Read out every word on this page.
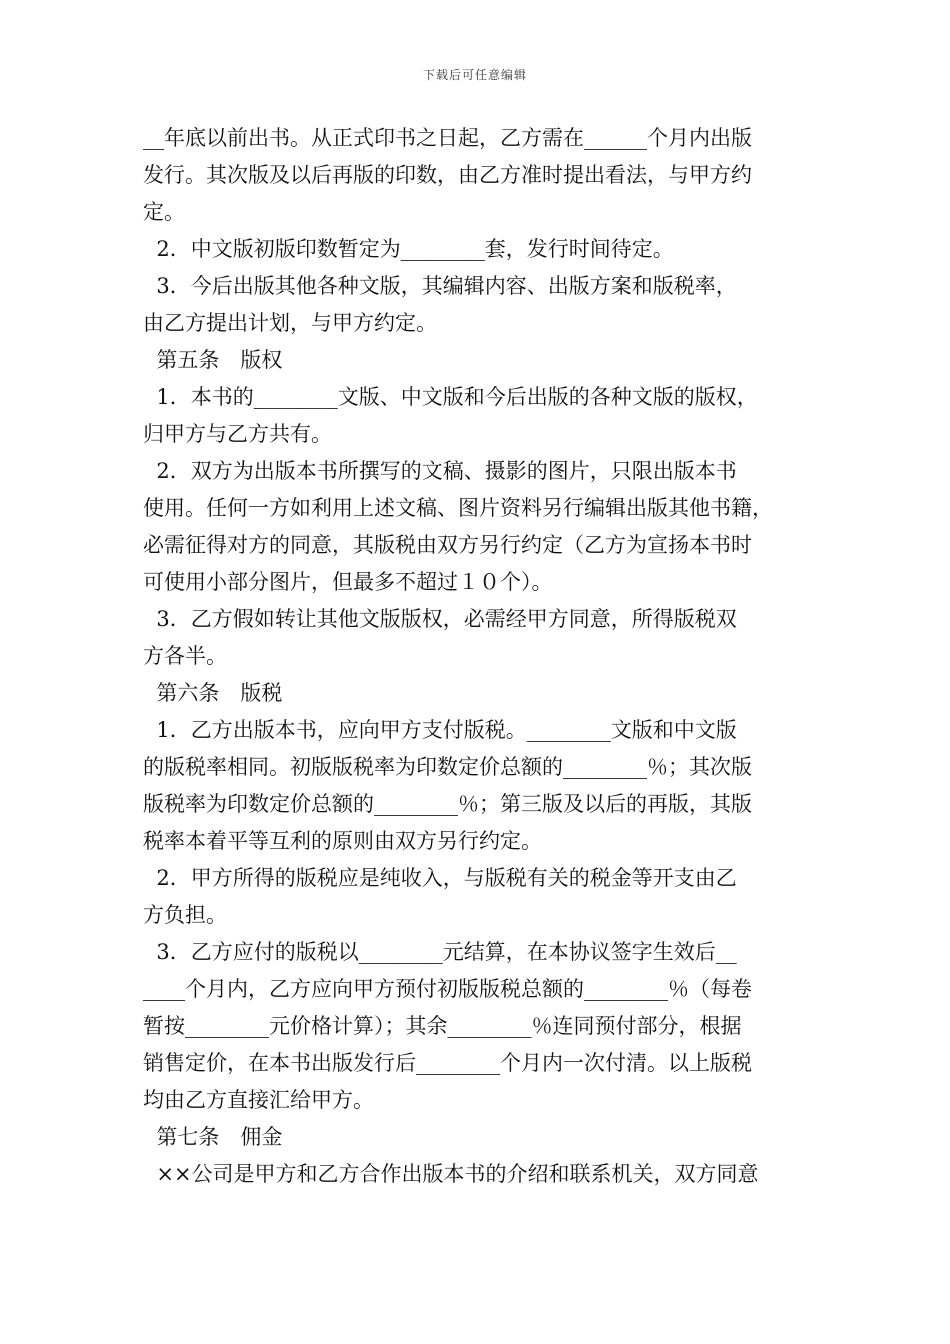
下载后可任意编辑
__年底以前出书。从正式印书之日起，乙方需在______个月内出版
发行。其次版及以后再版的印数，由乙方准时提出看法，与甲方约
定。
2．中文版初版印数暂定为________套，发行时间待定。
3．今后出版其他各种文版，其编辑内容、出版方案和版税率，
由乙方提出计划，与甲方约定。
第五条　版权
1．本书的________文版、中文版和今后出版的各种文版的版权，
归甲方与乙方共有。
2．双方为出版本书所撰写的文稿、摄影的图片，只限出版本书
使用。任何一方如利用上述文稿、图片资料另行编辑出版其他书籍，
必需征得对方的同意，其版税由双方另行约定（乙方为宣扬本书时
可使用小部分图片，但最多不超过１０个）。
3．乙方假如转让其他文版版权，必需经甲方同意，所得版税双
方各半。
第六条　版税
1．乙方出版本书，应向甲方支付版税。________文版和中文版
的版税率相同。初版版税率为印数定价总额的________％；其次版
版税率为印数定价总额的________％；第三版及以后的再版，其版
税率本着平等互利的原则由双方另行约定。
2．甲方所得的版税应是纯收入，与版税有关的税金等开支由乙
方负担。
3．乙方应付的版税以________元结算，在本协议签字生效后__
____个月内，乙方应向甲方预付初版版税总额的________％（每卷
暂按________元价格计算）；其余________％连同预付部分，根据
销售定价，在本书出版发行后________个月内一次付清。以上版税
均由乙方直接汇给甲方。
第七条　佣金
××公司是甲方和乙方合作出版本书的介绍和联系机关，双方同意
